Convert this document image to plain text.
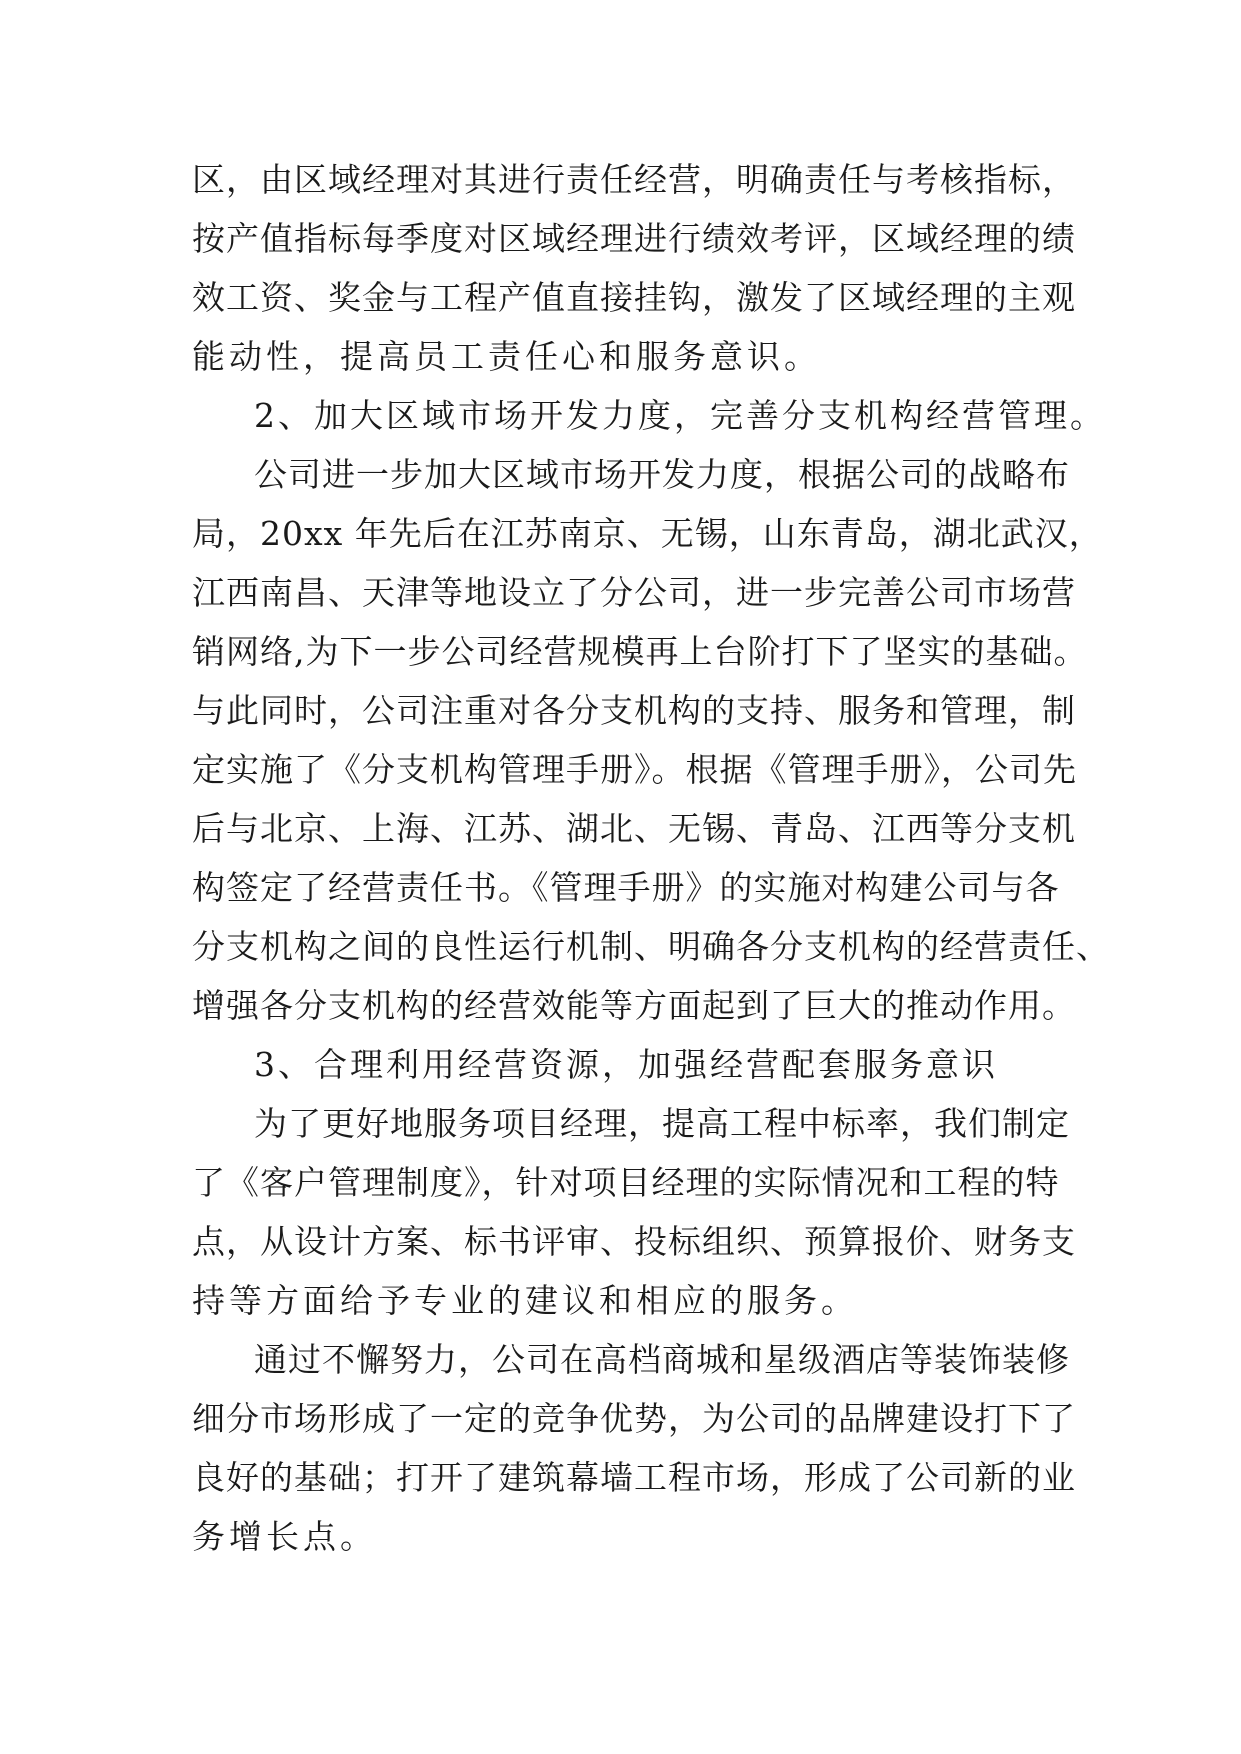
区，由区域经理对其进行责任经营，明确责任与考核指标，
按产值指标每季度对区域经理进行绩效考评，区域经理的绩
效工资、奖金与工程产值直接挂钩，激发了区域经理的主观
能动性，提高员工责任心和服务意识。
2、加大区域市场开发力度，完善分支机构经营管理。
公司进一步加大区域市场开发力度，根据公司的战略布
局，20xx 年先后在江苏南京、无锡，山东青岛，湖北武汉，
江西南昌、天津等地设立了分公司，进一步完善公司市场营
销网络,为下一步公司经营规模再上台阶打下了坚实的基础。
与此同时，公司注重对各分支机构的支持、服务和管理，制
定实施了《分支机构管理手册》。根据《管理手册》，公司先
后与北京、上海、江苏、湖北、无锡、青岛、江西等分支机
构签定了经营责任书。《管理手册》的实施对构建公司与各
分支机构之间的良性运行机制、明确各分支机构的经营责任、
增强各分支机构的经营效能等方面起到了巨大的推动作用。
3、合理利用经营资源，加强经营配套服务意识
为了更好地服务项目经理，提高工程中标率，我们制定
了《客户管理制度》，针对项目经理的实际情况和工程的特
点，从设计方案、标书评审、投标组织、预算报价、财务支
持等方面给予专业的建议和相应的服务。
通过不懈努力，公司在高档商城和星级酒店等装饰装修
细分市场形成了一定的竞争优势，为公司的品牌建设打下了
良好的基础；打开了建筑幕墙工程市场，形成了公司新的业
务增长点。
